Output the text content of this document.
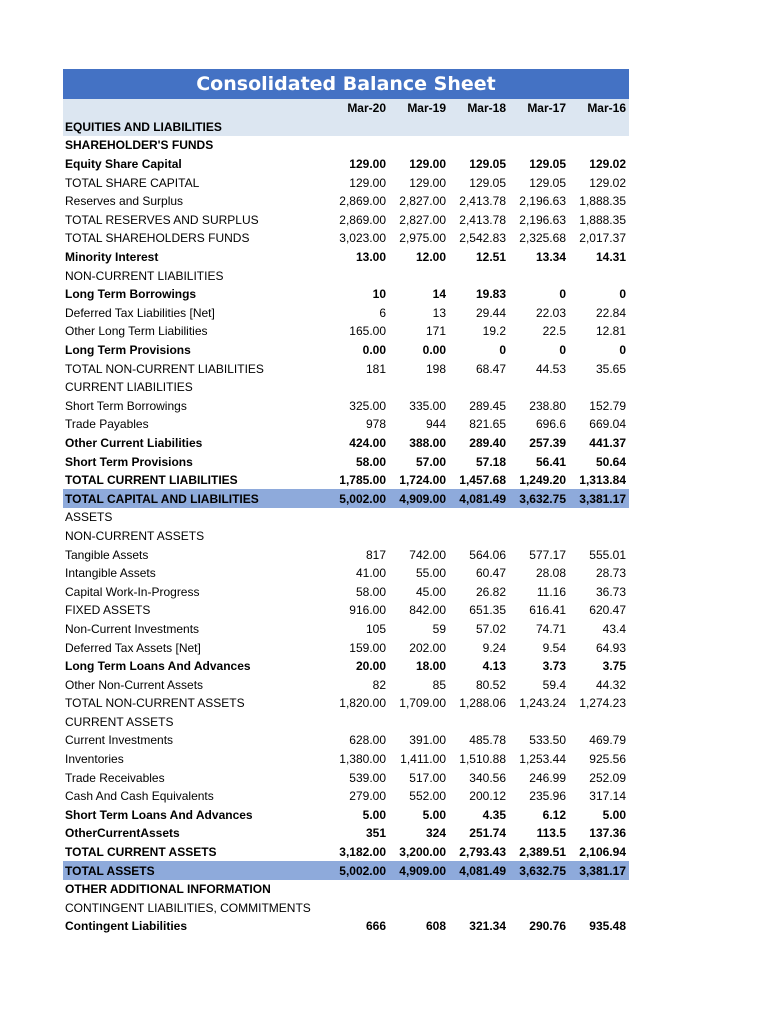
Consolidated Balance Sheet
	Mar-20	Mar-19	Mar-18	Mar-17	Mar-16
EQUITIES AND LIABILITIES					
SHAREHOLDER'S FUNDS					
Equity Share Capital	129.00	129.00	129.05	129.05	129.02
TOTAL SHARE CAPITAL	129.00	129.00	129.05	129.05	129.02
Reserves and Surplus	2,869.00	2,827.00	2,413.78	2,196.63	1,888.35
TOTAL RESERVES AND SURPLUS	2,869.00	2,827.00	2,413.78	2,196.63	1,888.35
TOTAL SHAREHOLDERS FUNDS	3,023.00	2,975.00	2,542.83	2,325.68	2,017.37
Minority Interest	13.00	12.00	12.51	13.34	14.31
NON-CURRENT LIABILITIES					
Long Term Borrowings	10	14	19.83	0	0
Deferred Tax Liabilities [Net]	6	13	29.44	22.03	22.84
Other Long Term Liabilities	165.00	171	19.2	22.5	12.81
Long Term Provisions	0.00	0.00	0	0	0
TOTAL NON-CURRENT LIABILITIES	181	198	68.47	44.53	35.65
CURRENT LIABILITIES					
Short Term Borrowings	325.00	335.00	289.45	238.80	152.79
Trade Payables	978	944	821.65	696.6	669.04
Other Current Liabilities	424.00	388.00	289.40	257.39	441.37
Short Term Provisions	58.00	57.00	57.18	56.41	50.64
TOTAL CURRENT LIABILITIES	1,785.00	1,724.00	1,457.68	1,249.20	1,313.84
TOTAL CAPITAL AND LIABILITIES	5,002.00	4,909.00	4,081.49	3,632.75	3,381.17
ASSETS					
NON-CURRENT ASSETS					
Tangible Assets	817	742.00	564.06	577.17	555.01
Intangible Assets	41.00	55.00	60.47	28.08	28.73
Capital Work-In-Progress	58.00	45.00	26.82	11.16	36.73
FIXED ASSETS	916.00	842.00	651.35	616.41	620.47
Non-Current Investments	105	59	57.02	74.71	43.4
Deferred Tax Assets [Net]	159.00	202.00	9.24	9.54	64.93
Long Term Loans And Advances	20.00	18.00	4.13	3.73	3.75
Other Non-Current Assets	82	85	80.52	59.4	44.32
TOTAL NON-CURRENT ASSETS	1,820.00	1,709.00	1,288.06	1,243.24	1,274.23
CURRENT ASSETS					
Current Investments	628.00	391.00	485.78	533.50	469.79
Inventories	1,380.00	1,411.00	1,510.88	1,253.44	925.56
Trade Receivables	539.00	517.00	340.56	246.99	252.09
Cash And Cash Equivalents	279.00	552.00	200.12	235.96	317.14
Short Term Loans And Advances	5.00	5.00	4.35	6.12	5.00
OtherCurrentAssets	351	324	251.74	113.5	137.36
TOTAL CURRENT ASSETS	3,182.00	3,200.00	2,793.43	2,389.51	2,106.94
TOTAL ASSETS	5,002.00	4,909.00	4,081.49	3,632.75	3,381.17
OTHER ADDITIONAL INFORMATION					
CONTINGENT LIABILITIES, COMMITMENTS					
Contingent Liabilities	666	608	321.34	290.76	935.48
